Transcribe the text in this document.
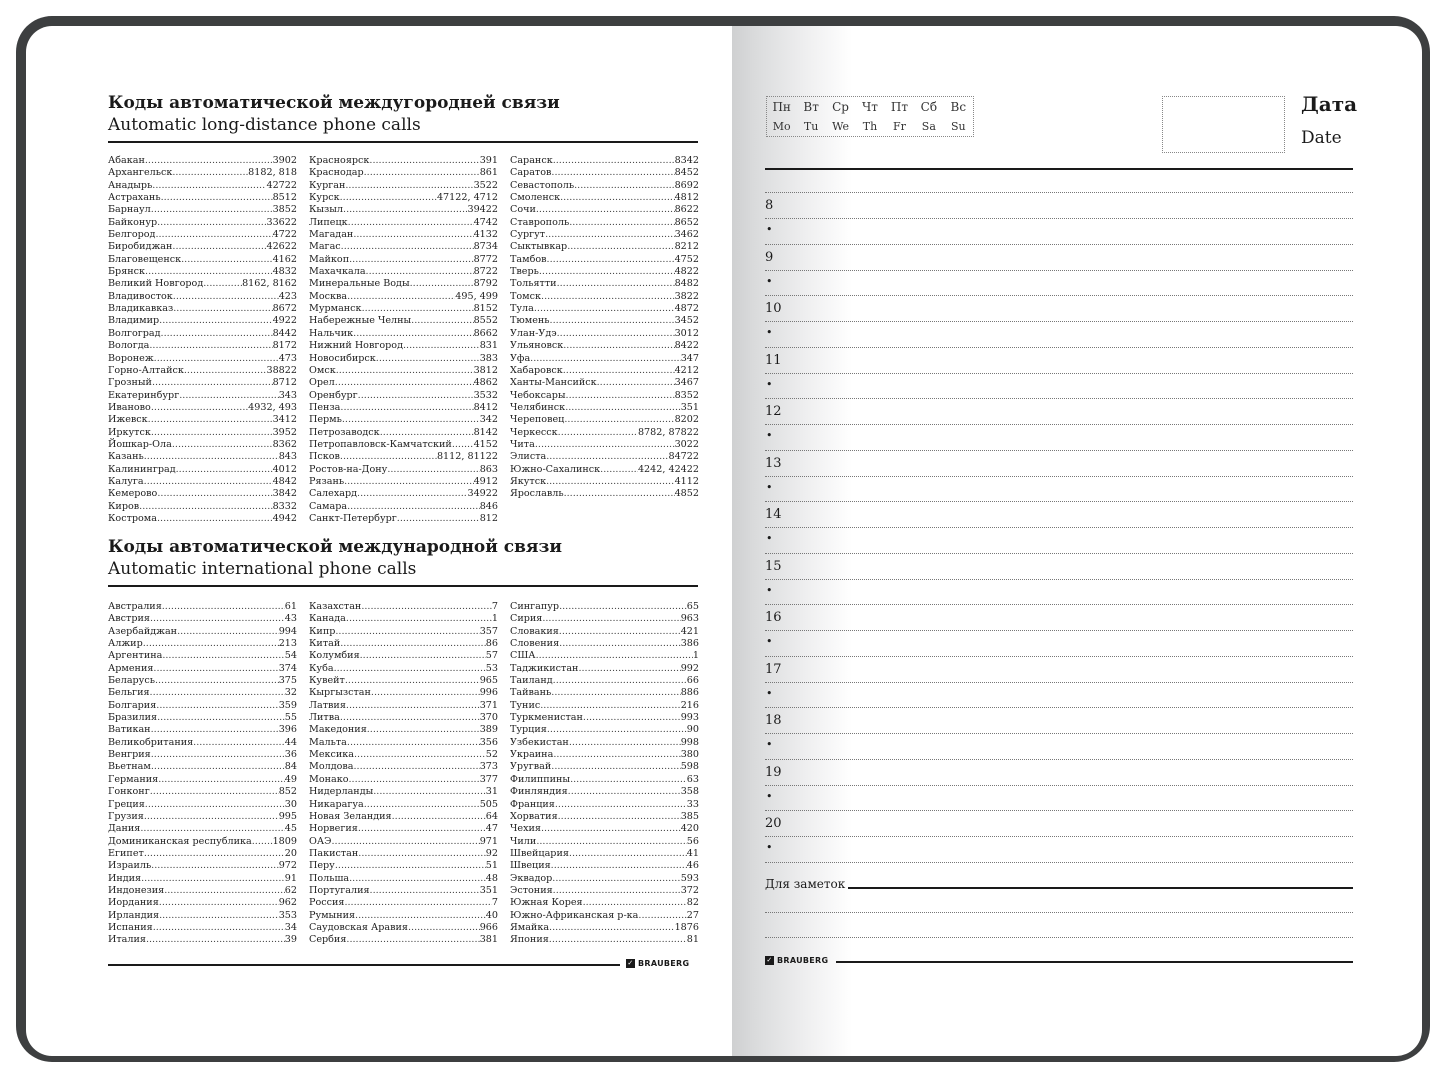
Коды автоматической междугородней связи
Automatic long-distance phone calls
Абакан .....	3902
Архангельск .....	8182, 818
Анадырь .....	42722
Астрахань .....	8512
Барнаул .....	3852
Байконур .....	33622
Белгород .....	4722
Биробиджан .....	42622
Благовещенск .....	4162
Брянск .....	4832
Великий Новгород .....	8162, 8162
Владивосток .....	423
Владикавказ .....	8672
Владимир .....	4922
Волгоград .....	8442
Вологда .....	8172
Воронеж .....	473
Горно-Алтайск .....	38822
Грозный .....	8712
Екатеринбург .....	343
Иваново .....	4932, 493
Ижевск .....	3412
Иркутск .....	3952
Йошкар-Ола .....	8362
Казань .....	843
Калининград .....	4012
Калуга .....	4842
Кемерово .....	3842
Киров .....	8332
Кострома .....	4942
Красноярск .....	391
Краснодар .....	861
Курган .....	3522
Курск .....	47122, 4712
Кызыл .....	39422
Липецк .....	4742
Магадан .....	4132
Магас .....	8734
Майкоп .....	8772
Махачкала .....	8722
Минеральные Воды .....	8792
Москва .....	495, 499
Мурманск .....	8152
Набережные Челны .....	8552
Нальчик .....	8662
Нижний Новгород .....	831
Новосибирск .....	383
Омск .....	3812
Орел .....	4862
Оренбург .....	3532
Пенза .....	8412
Пермь .....	342
Петрозаводск .....	8142
Петропавловск-Камчатский ..... 4152
Псков .....	8112, 81122
Ростов-на-Дону .....	863
Рязань .....	4912
Салехард .....	34922
Самара .....	846
Санкт-Петербург .....	812
Саранск .....	8342
Саратов .....	8452
Севастополь .....	8692
Смоленск .....	4812
Сочи .....	8622
Ставрополь .....	8652
Сургут .....	3462
Сыктывкар .....	8212
Тамбов .....	4752
Тверь .....	4822
Тольятти .....	8482
Томск .....	3822
Тула .....	4872
Тюмень .....	3452
Улан-Удэ .....	3012
Ульяновск .....	8422
Уфа .....	347
Хабаровск .....	4212
Ханты-Мансийск .....	3467
Чебоксары .....	8352
Челябинск .....	351
Череповец .....	8202
Черкесск .....	8782, 87822
Чита .....	3022
Элиста .....	84722
Южно-Сахалинск .....	4242, 42422
Якутск .....	4112
Ярославль .....	4852
Коды автоматической международной связи
Automatic international phone calls
Австралия .....	61
Австрия .....	43
Азербайджан .....	994
Алжир .....	213
Аргентина .....	54
Армения .....	374
Беларусь .....	375
Бельгия .....	32
Болгария .....	359
Бразилия .....	55
Ватикан .....	396
Великобритания .....	44
Венгрия .....	36
Вьетнам .....	84
Германия .....	49
Гонконг .....	852
Греция .....	30
Грузия .....	995
Дания .....	45
Доминиканская республика ..... 1809
Египет .....	20
Израиль .....	972
Индия .....	91
Индонезия .....	62
Иордания .....	962
Ирландия .....	353
Испания .....	34
Италия .....	39
Казахстан .....	7
Канада .....	1
Кипр .....	357
Китай .....	86
Колумбия .....	57
Куба .....	53
Кувейт .....	965
Кыргызстан .....	996
Латвия .....	371
Литва .....	370
Македония .....	389
Мальта .....	356
Мексика .....	52
Молдова .....	373
Монако .....	377
Нидерланды .....	31
Никарагуа .....	505
Новая Зеландия .....	64
Норвегия .....	47
ОАЭ .....	971
Пакистан .....	92
Перу .....	51
Польша .....	48
Португалия .....	351
Россия .....	7
Румыния .....	40
Саудовская Аравия .....	966
Сербия .....	381
Сингапур .....	65
Сирия .....	963
Словакия .....	421
Словения .....	386
США .....	1
Таджикистан .....	992
Таиланд .....	66
Тайвань .....	886
Тунис .....	216
Туркменистан .....	993
Турция .....	90
Узбекистан .....	998
Украина .....	380
Уругвай .....	598
Филиппины .....	63
Финляндия .....	358
Франция .....	33
Хорватия .....	385
Чехия .....	420
Чили .....	56
Швейцария .....	41
Швеция .....	46
Эквадор .....	593
Эстония .....	372
Южная Корея .....	82
Южно-Африканская р-ка .....	27
Ямайка .....	1876
Япония .....	81
✓ BRAUBERG
Пн	Вт	Ср	Чт	Пт	Сб	Вс
Mo	Tu	We	Th	Fr	Sa	Su
Дата
Date
8
•
9
•
10
•
11
•
12
•
13
•
14
•
15
•
16
•
17
•
18
•
19
•
20
•
Для заметок
✓ BRAUBERG
